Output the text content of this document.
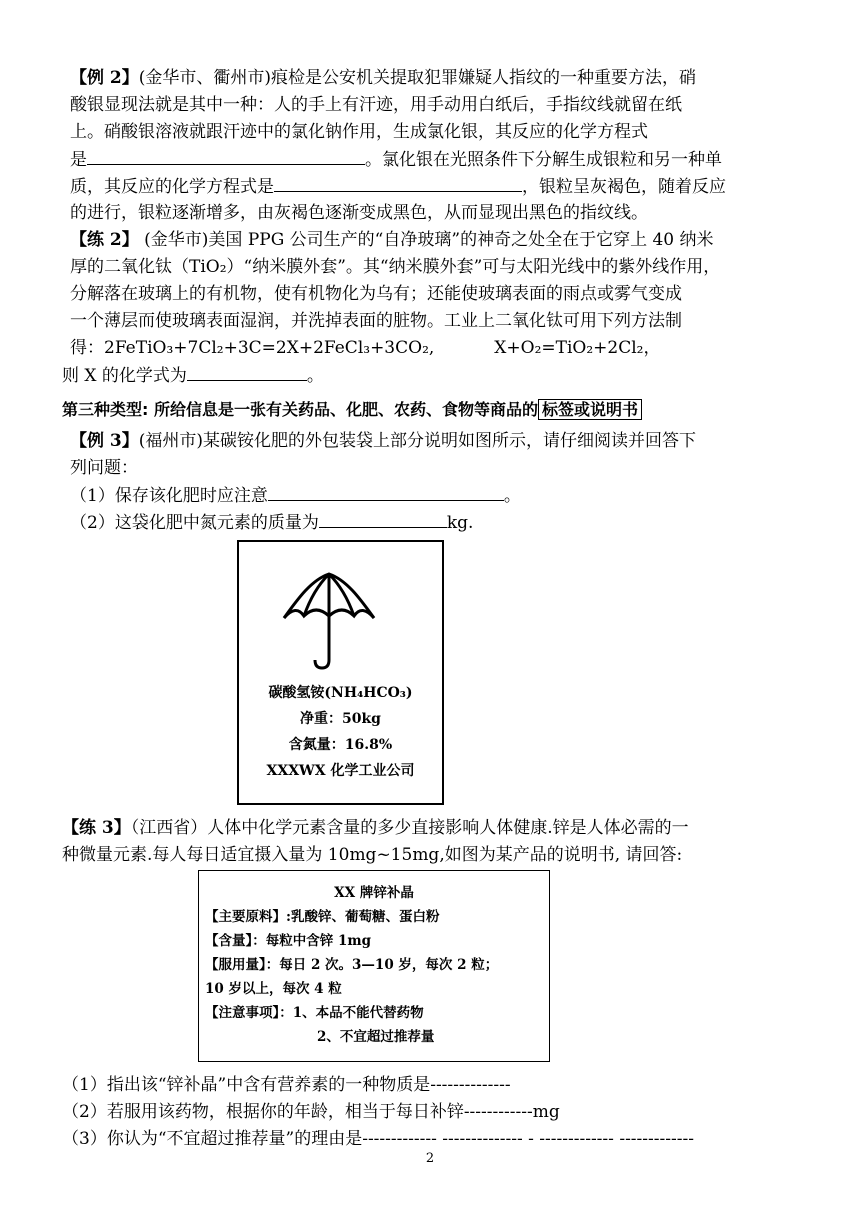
【例 2】(金华市、衢州市)痕检是公安机关提取犯罪嫌疑人指纹的一种重要方法，硝
酸银显现法就是其中一种：人的手上有汗迹，用手动用白纸后，手指纹线就留在纸
上。硝酸银溶液就跟汗迹中的氯化钠作用，生成氯化银，其反应的化学方程式
是	。氯化银在光照条件下分解生成银粒和另一种单
质，其反应的化学方程式是	，银粒呈灰褐色，随着反应
的进行，银粒逐渐增多，由灰褐色逐渐变成黑色，从而显现出黑色的指纹线。
【练 2】 (金华市)美国 PPG 公司生产的“自净玻璃”的神奇之处全在于它穿上 40 纳米
厚的二氧化钛（TiO₂）“纳米膜外套”。其“纳米膜外套”可与太阳光线中的紫外线作用，
分解落在玻璃上的有机物，使有机物化为乌有；还能使玻璃表面的雨点或雾气变成
一个薄层而使玻璃表面湿润，并洗掉表面的脏物。工业上二氧化钛可用下列方法制
得：2FeTiO₃+7Cl₂+3C=2X+2FeCl₃+3CO₂,	X+O₂=TiO₂+2Cl₂，
则 X 的化学式为	。
第三种类型: 所给信息是一张有关药品、化肥、农药、食物等商品的 标签或说明书
【例 3】(福州市)某碳铵化肥的外包装袋上部分说明如图所示，请仔细阅读并回答下
列问题：
（1）保存该化肥时应注意	。
（2）这袋化肥中氮元素的质量为	kg.
碳酸氢铵(NH₄HCO₃)
净重：50kg
含氮量：16.8%
XXXWX 化学工业公司
【练 3】（江西省）人体中化学元素含量的多少直接影响人体健康.锌是人体必需的一
种微量元素.每人每日适宜摄入量为 10mg~15mg,如图为某产品的说明书, 请回答:
XX 牌锌补晶
【主要原料】:乳酸锌、葡萄糖、蛋白粉
【含量】：每粒中含锌 1mg
【服用量】：每日 2 次。3—10 岁，每次 2 粒；
10 岁以上，每次 4 粒
【注意事项】：1、本品不能代替药物
2、不宜超过推荐量
（1）指出该“锌补晶”中含有营养素的一种物质是--------------
（2）若服用该药物，根据你的年龄，相当于每日补锌------------mg
（3）你认为“不宜超过推荐量”的理由是------------- -------------- - ------------- -------------
2
